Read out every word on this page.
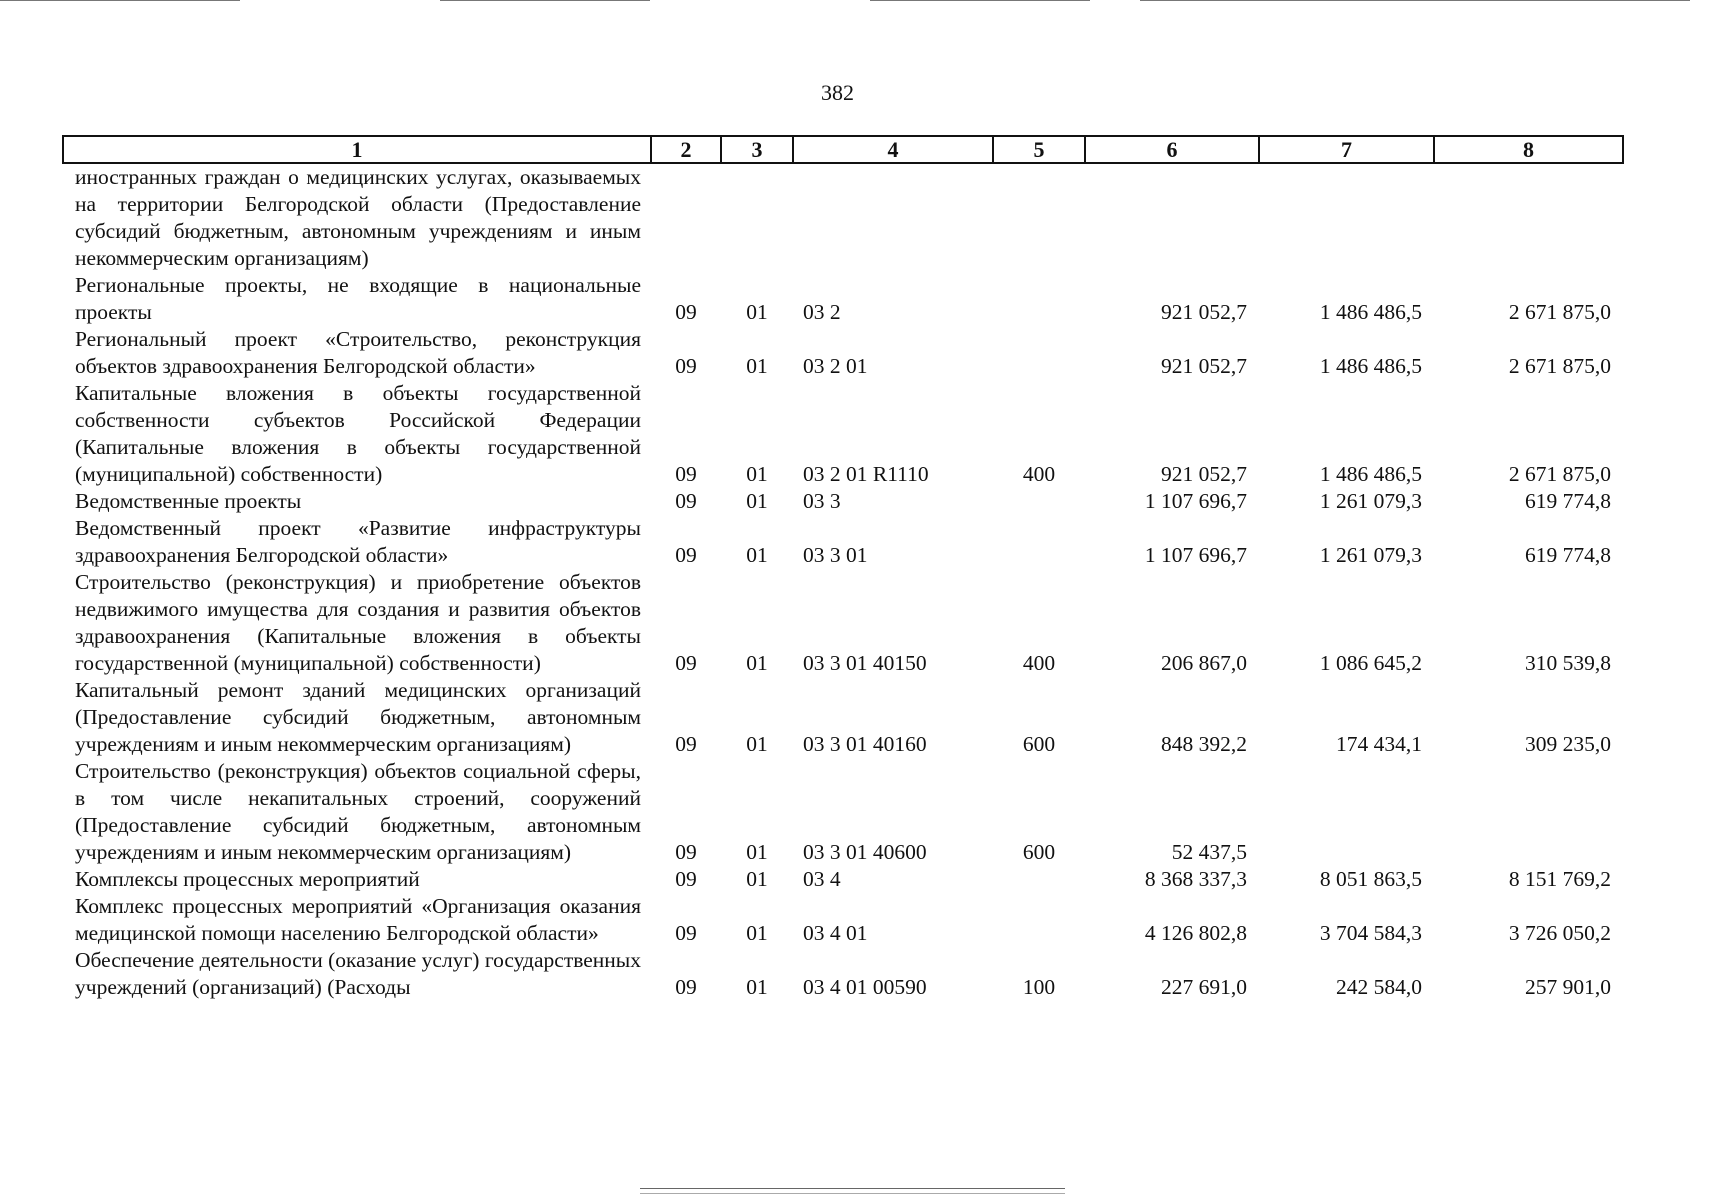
382
1	2	3	4	5	6	7	8
иностранных граждан о медицинских услугах, оказываемых на территории Белгородской области (Предоставление субсидий бюджетным, автономным учреждениям и иным некоммерческим организациям)							
Региональные проекты, не входящие в национальные проекты	09	01	03 2		921 052,7	1 486 486,5	2 671 875,0
Региональный проект «Строительство, реконструкция объектов здравоохранения Белгородской области»	09	01	03 2 01		921 052,7	1 486 486,5	2 671 875,0
Капитальные вложения в объекты государственной собственности субъектов Российской Федерации (Капитальные вложения в объекты государственной (муниципальной) собственности)	09	01	03 2 01 R1110	400	921 052,7	1 486 486,5	2 671 875,0
Ведомственные проекты	09	01	03 3		1 107 696,7	1 261 079,3	619 774,8
Ведомственный проект «Развитие инфраструктуры здравоохранения Белгородской области»	09	01	03 3 01		1 107 696,7	1 261 079,3	619 774,8
Строительство (реконструкция) и приобретение объектов недвижимого имущества для создания и развития объектов здравоохранения (Капитальные вложения в объекты государственной (муниципальной) собственности)	09	01	03 3 01 40150	400	206 867,0	1 086 645,2	310 539,8
Капитальный ремонт зданий медицинских организаций (Предоставление субсидий бюджетным, автономным учреждениям и иным некоммерческим организациям)	09	01	03 3 01 40160	600	848 392,2	174 434,1	309 235,0
Строительство (реконструкция) объектов социальной сферы, в том числе некапитальных строений, сооружений (Предоставление субсидий бюджетным, автономным учреждениям и иным некоммерческим организациям)	09	01	03 3 01 40600	600	52 437,5		
Комплексы процессных мероприятий	09	01	03 4		8 368 337,3	8 051 863,5	8 151 769,2
Комплекс процессных мероприятий «Организация оказания медицинской помощи населению Белгородской области»	09	01	03 4 01		4 126 802,8	3 704 584,3	3 726 050,2
Обеспечение деятельности (оказание услуг) государственных учреждений (организаций) (Расходы	09	01	03 4 01 00590	100	227 691,0	242 584,0	257 901,0
